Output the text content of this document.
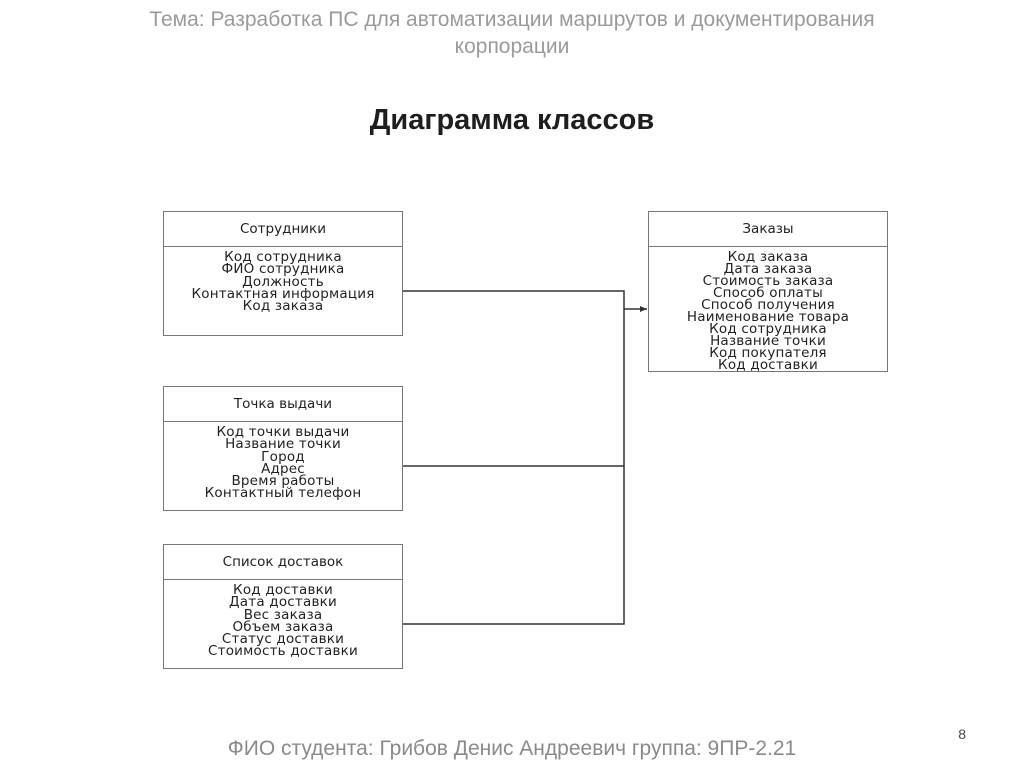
Тема: Разработка ПС для автоматизации маршрутов и документирования
корпорации
Диаграмма классов
Сотрудники
Код сотрудника
ФИО сотрудника
Должность
Контактная информация
Код заказа
Точка выдачи
Код точки выдачи
Название точки
Город
Адрес
Время работы
Контактный телефон
Список доставок
Код доставки
Дата доставки
Вес заказа
Объем заказа
Статус доставки
Стоимость доставки
Заказы
Код заказа
Дата заказа
Стоимость заказа
Способ оплаты
Способ получения
Наименование товара
Код сотрудника
Название точки
Код покупателя
Код доставки
ФИО студента: Грибов Денис Андреевич группа: 9ПР-2.21
8
